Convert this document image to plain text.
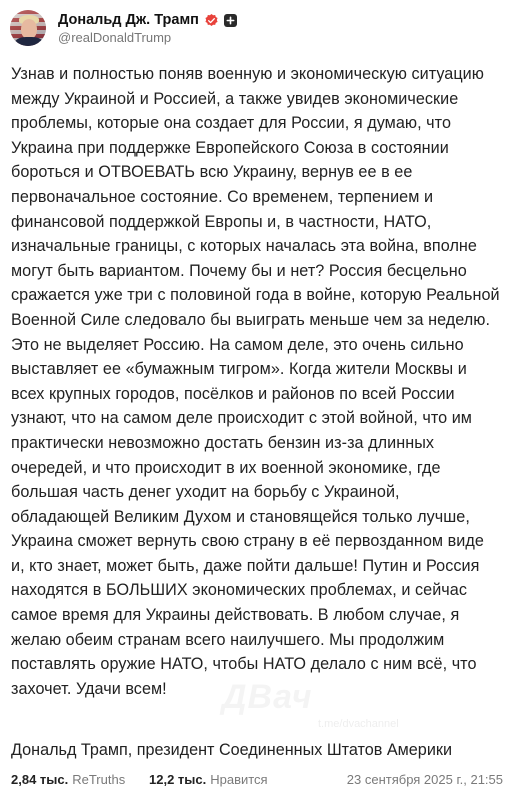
Дональд Дж. Трамп
@realDonaldTrump
Узнав и полностью поняв военную и экономическую ситуацию между Украиной и Россией, а также увидев экономические проблемы, которые она создает для России, я думаю, что Украина при поддержке Европейского Союза в состоянии бороться и ОТВОЕВАТЬ всю Украину, вернув ее в ее первоначальное состояние. Со временем, терпением и финансовой поддержкой Европы и, в частности, НАТО, изначальные границы, с которых началась эта война, вполне могут быть вариантом. Почему бы и нет? Россия бесцельно сражается уже три с половиной года в войне, которую Реальной Военной Силе следовало бы выиграть меньше чем за неделю. Это не выделяет Россию. На самом деле, это очень сильно выставляет ее «бумажным тигром». Когда жители Москвы и всех крупных городов, посёлков и районов по всей России узнают, что на самом деле происходит с этой войной, что им практически невозможно достать бензин из-за длинных очередей, и что происходит в их военной экономике, где большая часть денег уходит на борьбу с Украиной, обладающей Великим Духом и становящейся только лучше, Украина сможет вернуть свою страну в её первозданном виде и, кто знает, может быть, даже пойти дальше! Путин и Россия находятся в БОЛЬШИХ экономических проблемах, и сейчас самое время для Украины действовать. В любом случае, я желаю обеим странам всего наилучшего. Мы продолжим поставлять оружие НАТО, чтобы НАТО делало с ним всё, что захочет. Удачи всем!
t.me/dvachannel
Дональд Трамп, президент Соединенных Штатов Америки
2,84 тыс. ReTruths 12,2 тыс. Нравится	23 сентября 2025 г., 21:55
